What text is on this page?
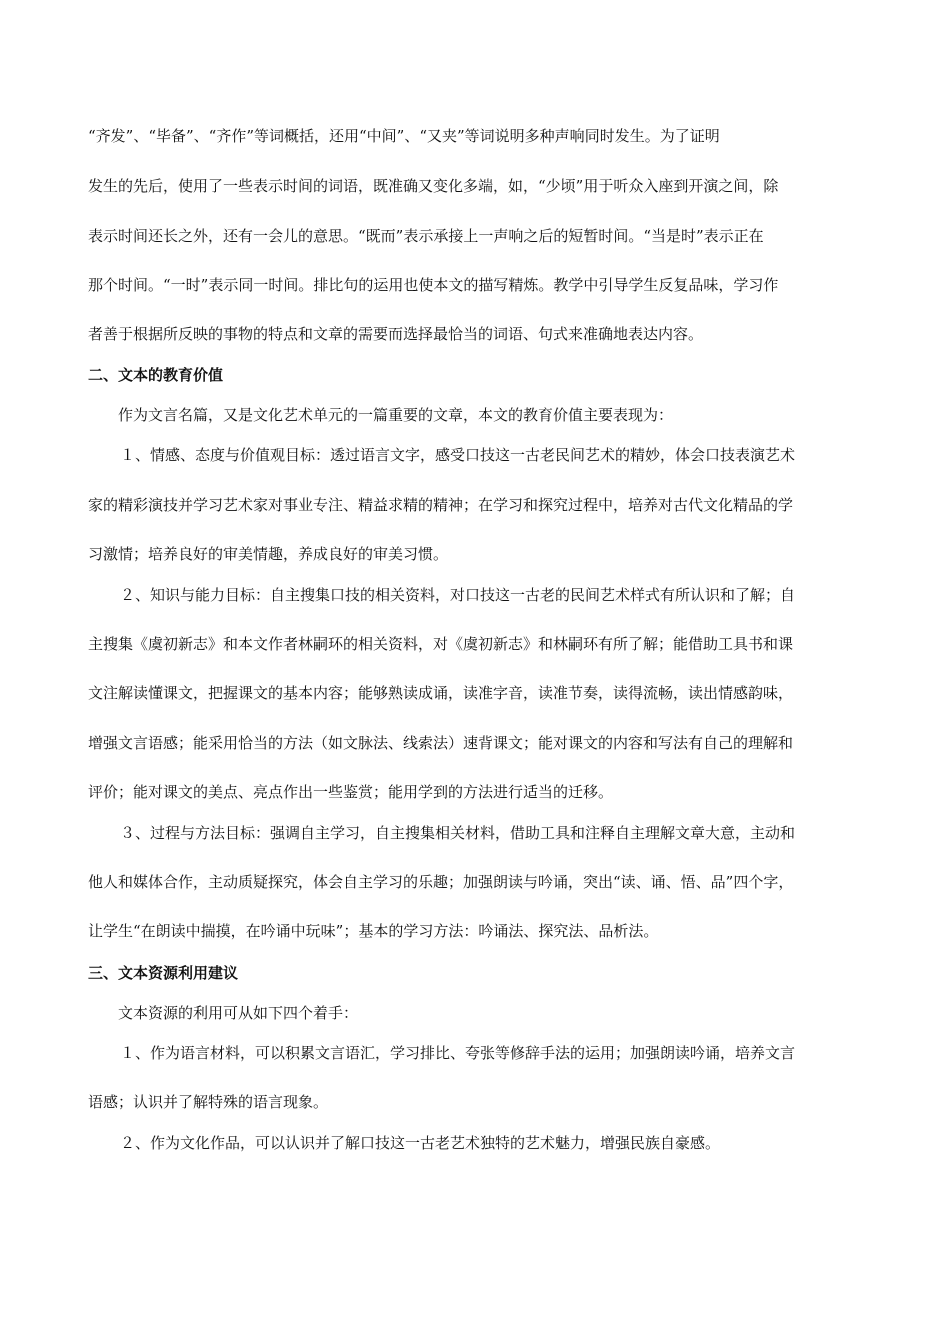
“齐发”、“毕备”、“齐作”等词概括，还用“中间”、“又夹”等词说明多种声响同时发生。为了证明
发生的先后，使用了一些表示时间的词语，既准确又变化多端，如，“少顷”用于听众入座到开演之间，除
表示时间还长之外，还有一会儿的意思。“既而”表示承接上一声响之后的短暂时间。“当是时”表示正在
那个时间。“一时”表示同一时间。排比句的运用也使本文的描写精炼。教学中引导学生反复品味，学习作
者善于根据所反映的事物的特点和文章的需要而选择最恰当的词语、句式来准确地表达内容。
二、文本的教育价值
作为文言名篇，又是文化艺术单元的一篇重要的文章，本文的教育价值主要表现为：
１、情感、态度与价值观目标：透过语言文字，感受口技这一古老民间艺术的精妙，体会口技表演艺术
家的精彩演技并学习艺术家对事业专注、精益求精的精神；在学习和探究过程中，培养对古代文化精品的学
习激情；培养良好的审美情趣，养成良好的审美习惯。
２、知识与能力目标：自主搜集口技的相关资料，对口技这一古老的民间艺术样式有所认识和了解；自
主搜集《虞初新志》和本文作者林嗣环的相关资料，对《虞初新志》和林嗣环有所了解；能借助工具书和课
文注解读懂课文，把握课文的基本内容；能够熟读成诵，读准字音，读准节奏，读得流畅，读出情感韵味，
增强文言语感；能采用恰当的方法（如文脉法、线索法）速背课文；能对课文的内容和写法有自己的理解和
评价；能对课文的美点、亮点作出一些鉴赏；能用学到的方法进行适当的迁移。
３、过程与方法目标：强调自主学习，自主搜集相关材料，借助工具和注释自主理解文章大意，主动和
他人和媒体合作，主动质疑探究，体会自主学习的乐趣；加强朗读与吟诵，突出“读、诵、悟、品”四个字，
让学生“在朗读中揣摸，在吟诵中玩味”；基本的学习方法：吟诵法、探究法、品析法。
三、文本资源利用建议
文本资源的利用可从如下四个着手：
１、作为语言材料，可以积累文言语汇，学习排比、夸张等修辞手法的运用；加强朗读吟诵，培养文言
语感；认识并了解特殊的语言现象。
２、作为文化作品，可以认识并了解口技这一古老艺术独特的艺术魅力，增强民族自豪感。
